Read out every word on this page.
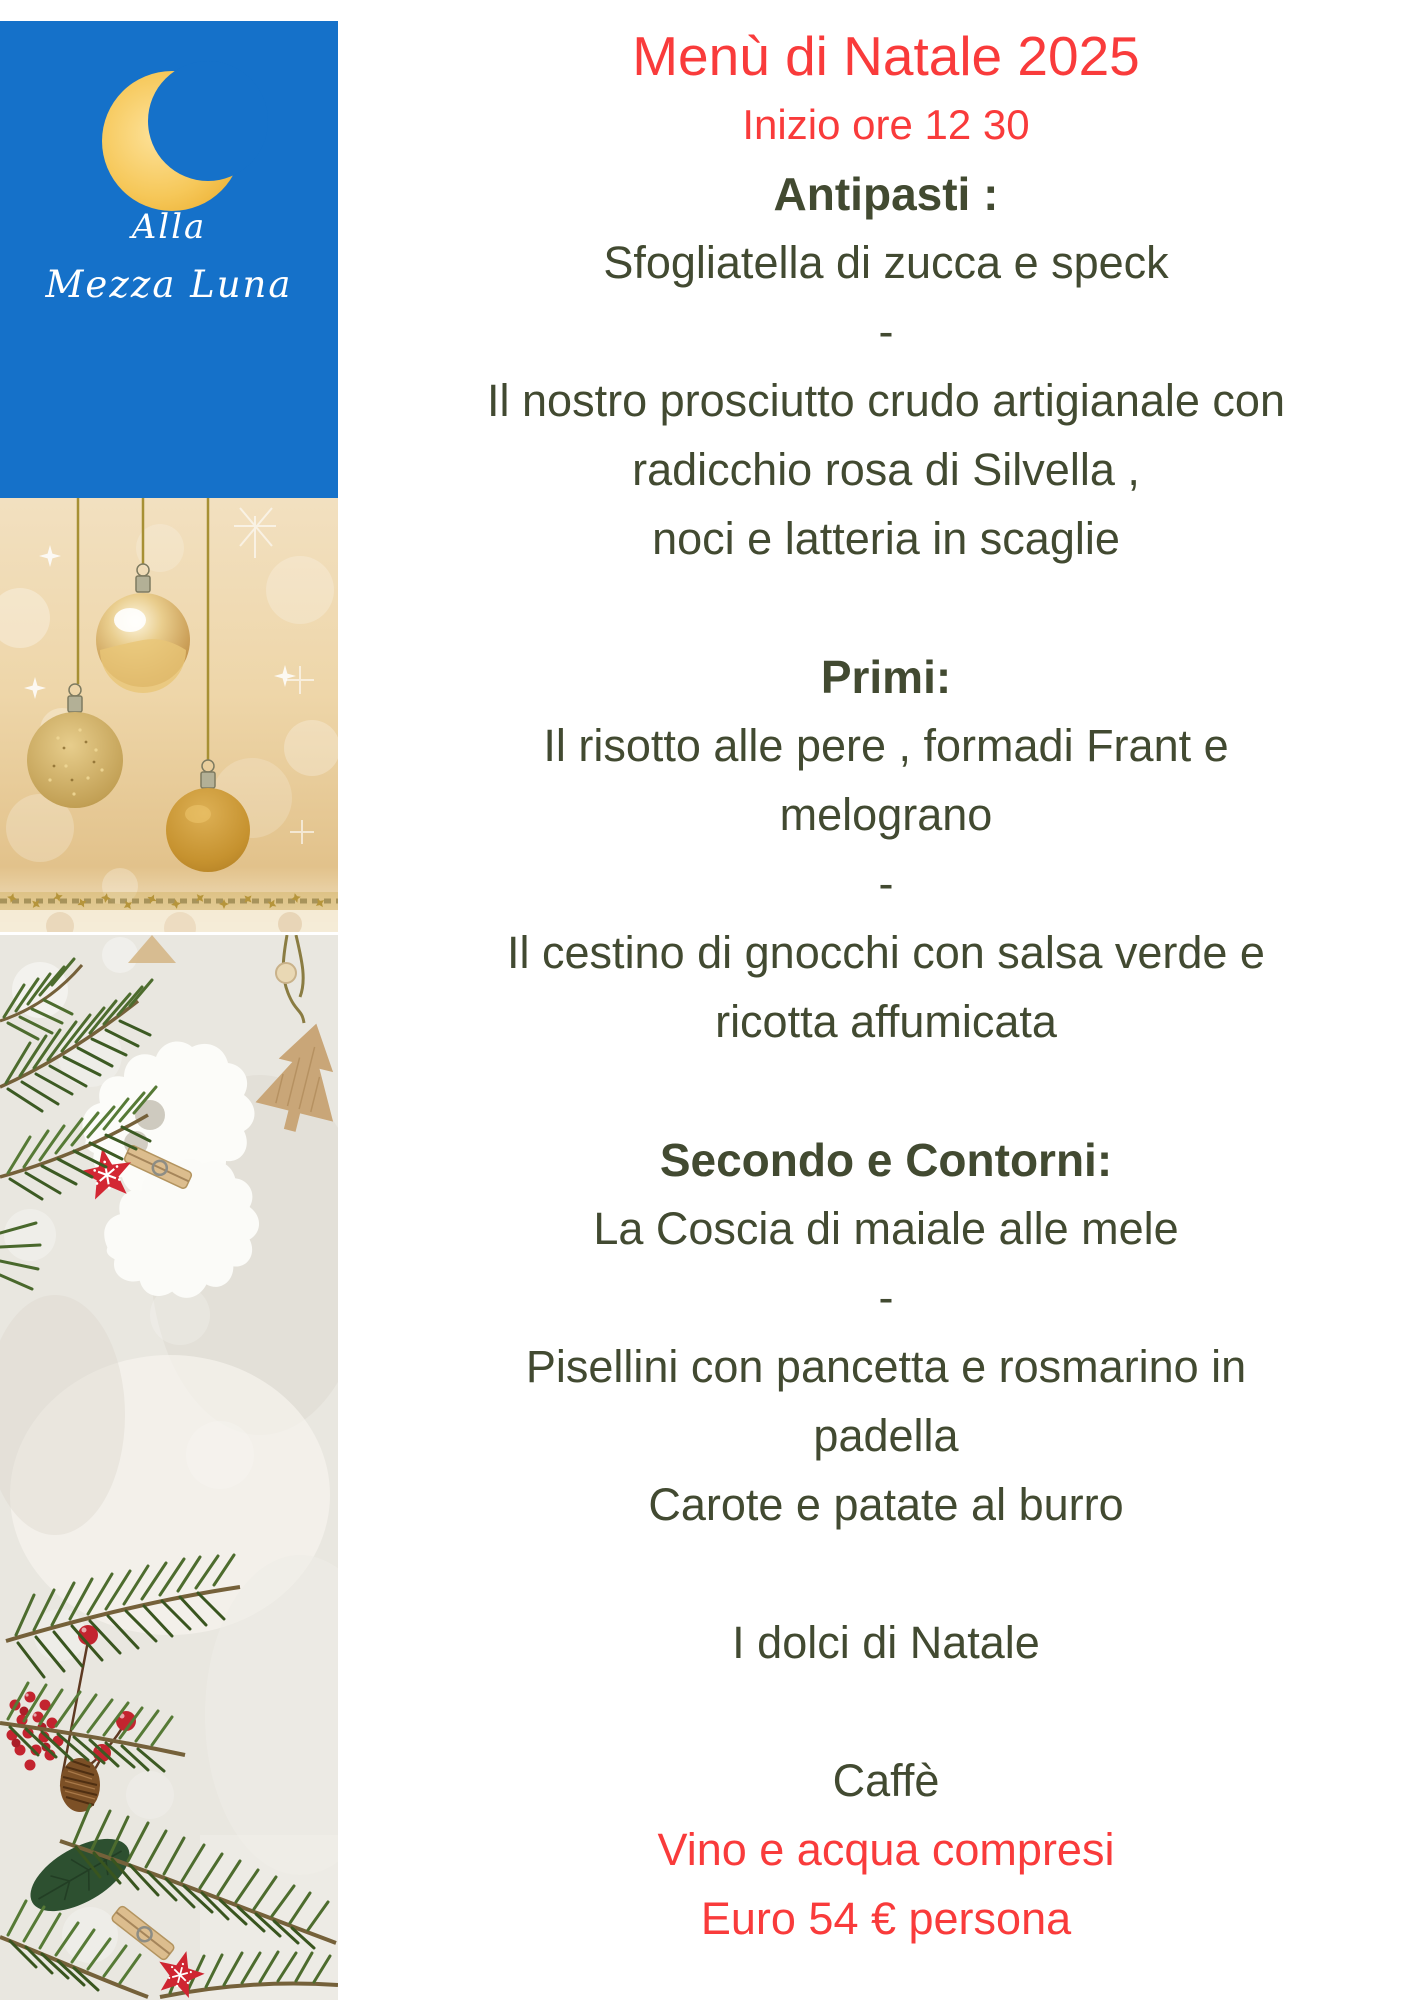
Alla
Mezza Luna
Menù di Natale 2025
Inizio ore 12 30
Antipasti :
Sfogliatella di zucca e speck
-
Il nostro prosciutto crudo artigianale con
radicchio rosa di Silvella ,
noci e latteria in scaglie
Primi:
Il risotto alle pere , formadi Frant e
melograno
-
Il cestino di gnocchi con salsa verde e
ricotta affumicata
Secondo e Contorni:
La Coscia di maiale alle mele
-
Pisellini con pancetta e rosmarino in
padella
Carote e patate al burro
I dolci di Natale
Caffè
Vino e acqua compresi
Euro 54 € persona
